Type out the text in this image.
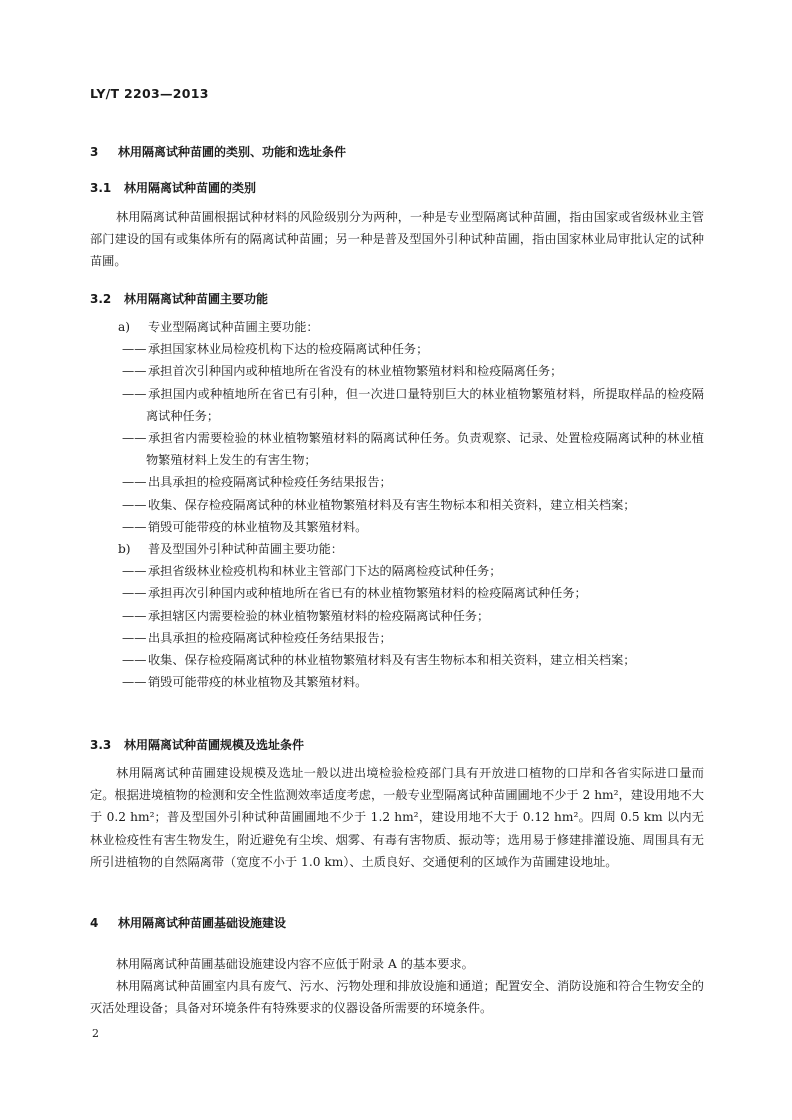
LY/T 2203—2013
3 林用隔离试种苗圃的类别、功能和选址条件
3.1 林用隔离试种苗圃的类别
林用隔离试种苗圃根据试种材料的风险级别分为两种，一种是专业型隔离试种苗圃，指由国家或省级林业主管部门建设的国有或集体所有的隔离试种苗圃；另一种是普及型国外引种试种苗圃，指由国家林业局审批认定的试种苗圃。
3.2 林用隔离试种苗圃主要功能
a) 专业型隔离试种苗圃主要功能：
—— 承担国家林业局检疫机构下达的检疫隔离试种任务；
—— 承担首次引种国内或种植地所在省没有的林业植物繁殖材料和检疫隔离任务；
—— 承担国内或种植地所在省已有引种，但一次进口量特别巨大的林业植物繁殖材料，所提取样品的检疫隔离试种任务；
—— 承担省内需要检验的林业植物繁殖材料的隔离试种任务。负责观察、记录、处置检疫隔离试种的林业植物繁殖材料上发生的有害生物；
—— 出具承担的检疫隔离试种检疫任务结果报告；
—— 收集、保存检疫隔离试种的林业植物繁殖材料及有害生物标本和相关资料，建立相关档案；
—— 销毁可能带疫的林业植物及其繁殖材料。
b) 普及型国外引种试种苗圃主要功能：
—— 承担省级林业检疫机构和林业主管部门下达的隔离检疫试种任务；
—— 承担再次引种国内或种植地所在省已有的林业植物繁殖材料的检疫隔离试种任务；
—— 承担辖区内需要检验的林业植物繁殖材料的检疫隔离试种任务；
—— 出具承担的检疫隔离试种检疫任务结果报告；
—— 收集、保存检疫隔离试种的林业植物繁殖材料及有害生物标本和相关资料，建立相关档案；
—— 销毁可能带疫的林业植物及其繁殖材料。
3.3 林用隔离试种苗圃规模及选址条件
林用隔离试种苗圃建设规模及选址一般以进出境检验检疫部门具有开放进口植物的口岸和各省实际进口量而定。根据进境植物的检测和安全性监测效率适度考虑，一般专业型隔离试种苗圃圃地不少于 2 hm²，建设用地不大于 0.2 hm²；普及型国外引种试种苗圃圃地不少于 1.2 hm²，建设用地不大于 0.12 hm²。四周 0.5 km 以内无林业检疫性有害生物发生，附近避免有尘埃、烟雾、有毒有害物质、振动等；选用易于修建排灌设施、周围具有无所引进植物的自然隔离带（宽度不小于 1.0 km）、土质良好、交通便利的区域作为苗圃建设地址。
4 林用隔离试种苗圃基础设施建设
林用隔离试种苗圃基础设施建设内容不应低于附录 A 的基本要求。
林用隔离试种苗圃室内具有废气、污水、污物处理和排放设施和通道；配置安全、消防设施和符合生物安全的灭活处理设备；具备对环境条件有特殊要求的仪器设备所需要的环境条件。
2
